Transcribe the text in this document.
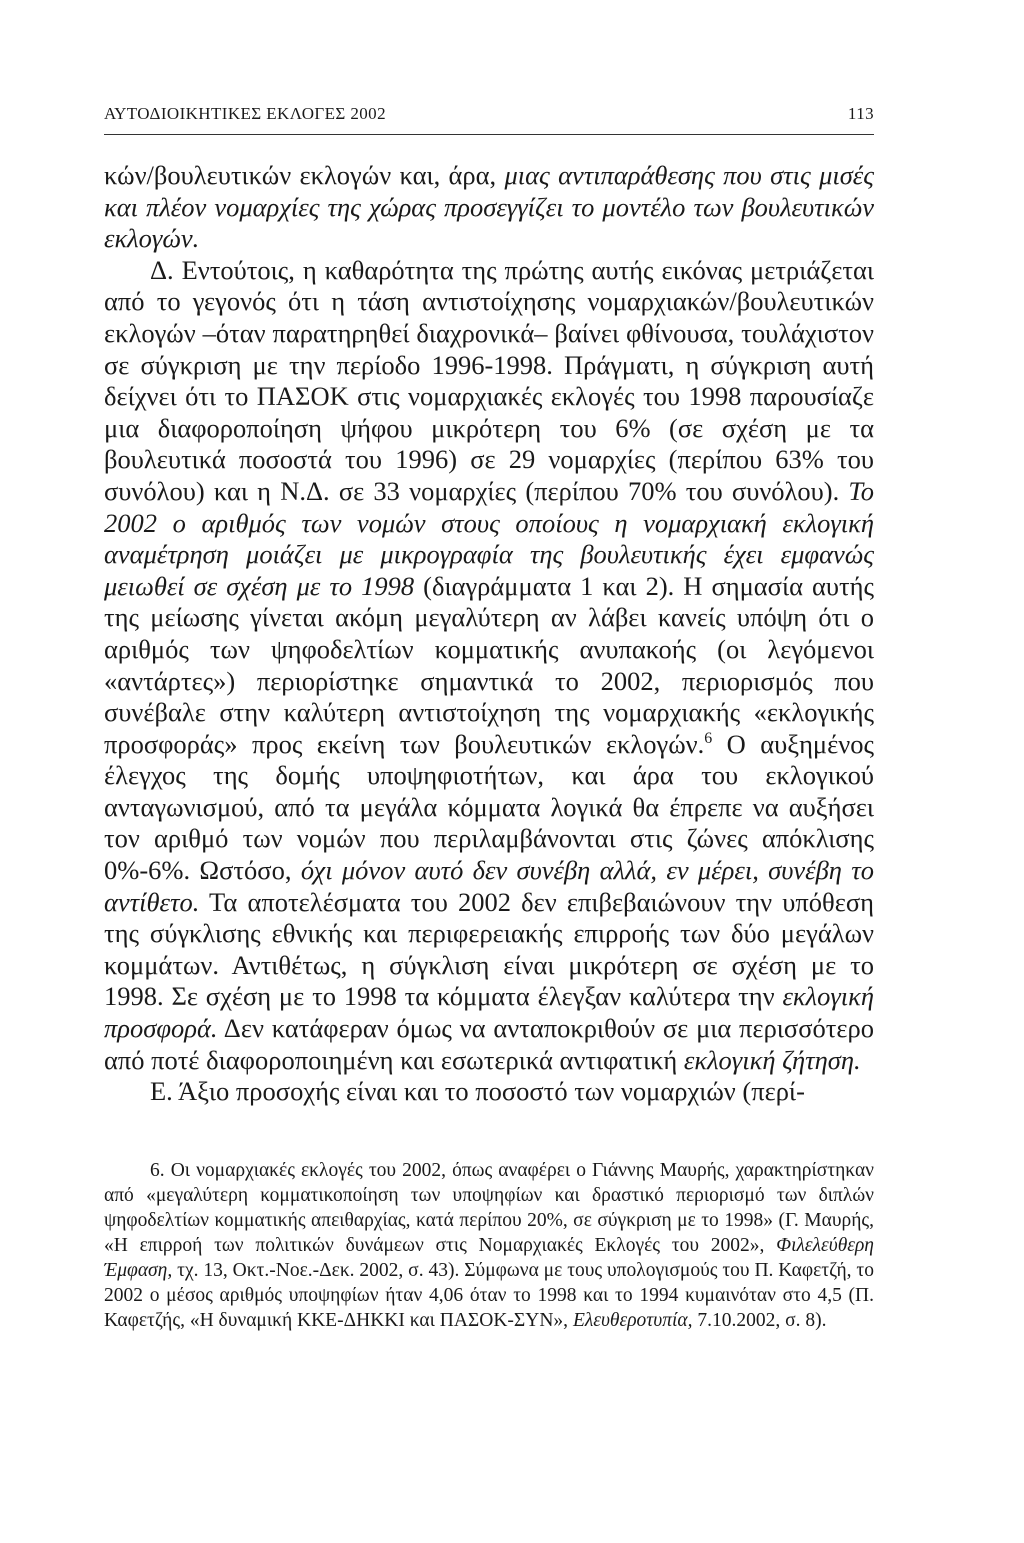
ΑΥΤΟΔΙΟΙΚΗΤΙΚΕΣ ΕΚΛΟΓΕΣ 2002	113

κών/βουλευτικών εκλογών και, άρα, μιας αντιπαράθεσης που στις μισές και πλέον νομαρχίες της χώρας προσεγγίζει το μοντέλο των βουλευτικών εκλογών.

Δ. Εντούτοις, η καθαρότητα της πρώτης αυτής εικόνας μετριάζεται από το γεγονός ότι η τάση αντιστοίχησης νομαρχιακών/βουλευτικών εκλογών –όταν παρατηρηθεί διαχρονικά– βαίνει φθίνουσα, τουλάχιστον σε σύγκριση με την περίοδο 1996-1998. Πράγματι, η σύγκριση αυτή δείχνει ότι το ΠΑΣΟΚ στις νομαρχιακές εκλογές του 1998 παρουσίαζε μια διαφοροποίηση ψήφου μικρότερη του 6% (σε σχέση με τα βουλευτικά ποσοστά του 1996) σε 29 νομαρχίες (περίπου 63% του συνόλου) και η Ν.Δ. σε 33 νομαρχίες (περίπου 70% του συνόλου). Το 2002 ο αριθμός των νομών στους οποίους η νομαρχιακή εκλογική αναμέτρηση μοιάζει με μικρογραφία της βουλευτικής έχει εμφανώς μειωθεί σε σχέση με το 1998 (διαγράμματα 1 και 2). Η σημασία αυτής της μείωσης γίνεται ακόμη μεγαλύτερη αν λάβει κανείς υπόψη ότι ο αριθμός των ψηφοδελτίων κομματικής ανυπακοής (οι λεγόμενοι «αντάρτες») περιορίστηκε σημαντικά το 2002, περιορισμός που συνέβαλε στην καλύτερη αντιστοίχηση της νομαρχιακής «εκλογικής προσφοράς» προς εκείνη των βουλευτικών εκλογών.$^6$ Ο αυξημένος έλεγχος της δομής υποψηφιοτήτων, και άρα του εκλογικού ανταγωνισμού, από τα μεγάλα κόμματα λογικά θα έπρεπε να αυξήσει τον αριθμό των νομών που περιλαμβάνονται στις ζώνες απόκλισης 0%-6%. Ωστόσο, όχι μόνον αυτό δεν συνέβη αλλά, εν μέρει, συνέβη το αντίθετο. Τα αποτελέσματα του 2002 δεν επιβεβαιώνουν την υπόθεση της σύγκλισης εθνικής και περιφερειακής επιρροής των δύο μεγάλων κομμάτων. Αντιθέτως, η σύγκλιση είναι μικρότερη σε σχέση με το 1998. Σε σχέση με το 1998 τα κόμματα έλεγξαν καλύτερα την εκλογική προσφορά. Δεν κατάφεραν όμως να ανταποκριθούν σε μια περισσότερο από ποτέ διαφοροποιημένη και εσωτερικά αντιφατική εκλογική ζήτηση.

Ε. Άξιο προσοχής είναι και το ποσοστό των νομαρχιών (περί-

6. Οι νομαρχιακές εκλογές του 2002, όπως αναφέρει ο Γιάννης Μαυρής, χαρακτηρίστηκαν από «μεγαλύτερη κομματικοποίηση των υποψηφίων και δραστικό περιορισμό των διπλών ψηφοδελτίων κομματικής απειθαρχίας, κατά περίπου 20%, σε σύγκριση με το 1998» (Γ. Μαυρής, «Η επιρροή των πολιτικών δυνάμεων στις Νομαρχιακές Εκλογές του 2002», Φιλελεύθερη Έμφαση, τχ. 13, Οκτ.-Νοε.-Δεκ. 2002, σ. 43). Σύμφωνα με τους υπολογισμούς του Π. Καφετζή, το 2002 ο μέσος αριθμός υποψηφίων ήταν 4,06 όταν το 1998 και το 1994 κυμαινόταν στο 4,5 (Π. Καφετζής, «Η δυναμική ΚΚΕ-ΔΗΚΚΙ και ΠΑΣΟΚ-ΣΥΝ», Ελευθεροτυπία, 7.10.2002, σ. 8).
